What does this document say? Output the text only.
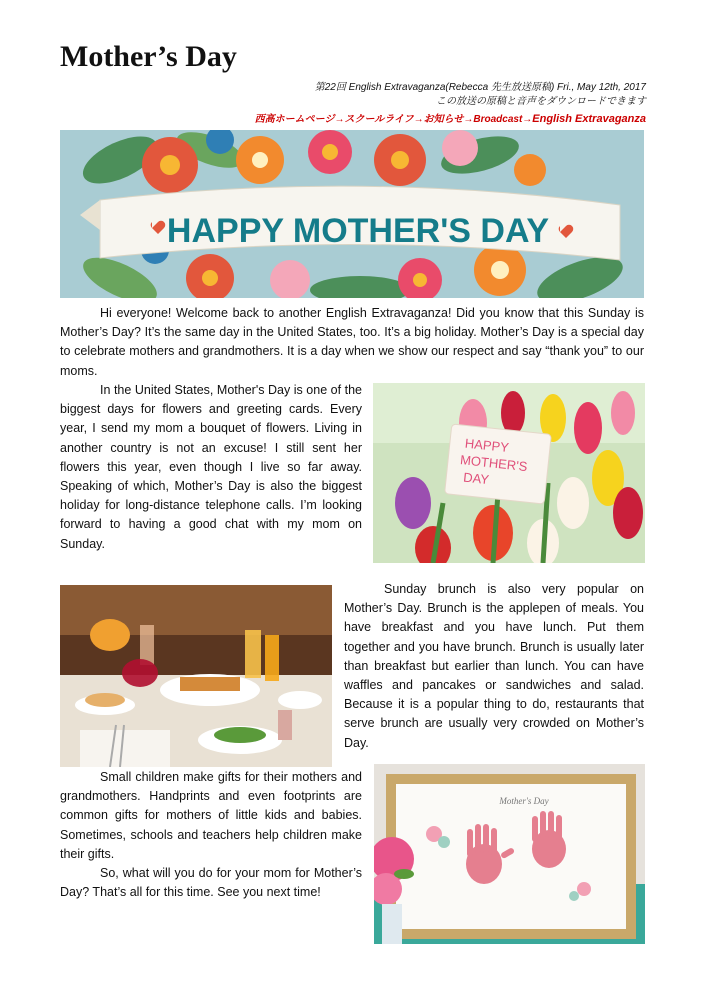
Mother’s Day
第22回 English Extravaganza(Rebecca 先生放送原稿) Fri., May 12th, 2017
この放送の原稿と音声をダウンロードできます
西高ホームページ→スクールライフ→お知らせ→Broadcast→English Extravaganza
HAPPY MOTHER'S DAY

Hi everyone! Welcome back to another English Extravaganza! Did you know that this Sunday is Mother’s Day? It’s the same day in the United States, too. It’s a big holiday. Mother’s Day is a special day to celebrate mothers and grandmothers. It is a day when we show our respect and say “thank you” to our moms.

In the United States, Mother's Day is one of the biggest days for flowers and greeting cards. Every year, I send my mom a bouquet of flowers. Living in another country is not an excuse! I still sent her flowers this year, even though I live so far away. Speaking of which, Mother’s Day is also the biggest holiday for long-distance telephone calls. I’m looking forward to having a good chat with my mom on Sunday.

HAPPY
MOTHER'S
DAY

Sunday brunch is also very popular on Mother’s Day. Brunch is the applepen of meals. You have breakfast and you have lunch. Put them together and you have brunch. Brunch is usually later than breakfast but earlier than lunch. You can have waffles and pancakes or sandwiches and salad. Because it is a popular thing to do, restaurants that serve brunch are usually very crowded on Mother’s Day.

Small children make gifts for their mothers and grandmothers. Handprints and even footprints are common gifts for mothers of little kids and babies. Sometimes, schools and teachers help children make their gifts.

So, what will you do for your mom for Mother’s Day? That’s all for this time. See you next time!

Mother's Day
